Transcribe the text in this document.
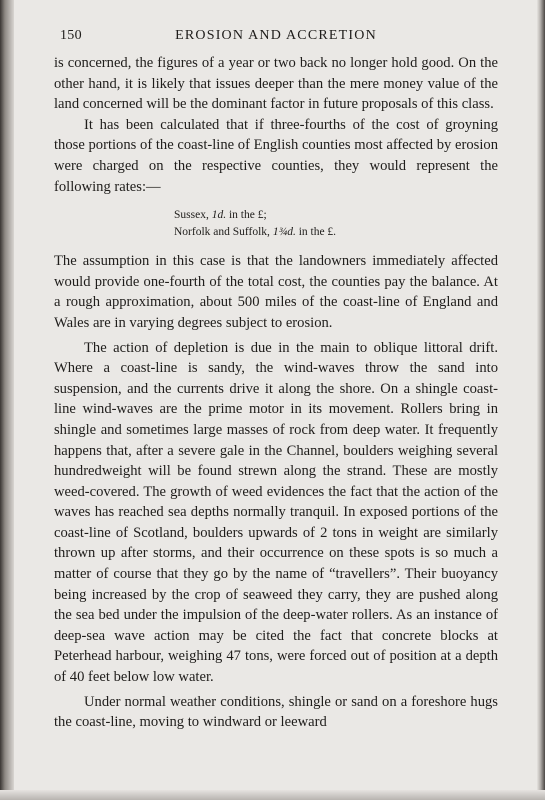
150	EROSION AND ACCRETION

is concerned, the figures of a year or two back no longer hold good. On the other hand, it is likely that issues deeper than the mere money value of the land concerned will be the dominant factor in future proposals of this class.

It has been calculated that if three-fourths of the cost of groyning those portions of the coast-line of English counties most affected by erosion were charged on the respective counties, they would represent the following rates:—

Sussex, 1d. in the £;
Norfolk and Suffolk, 1¾d. in the £.

The assumption in this case is that the landowners immediately affected would provide one-fourth of the total cost, the counties pay the balance. At a rough approximation, about 500 miles of the coast-line of England and Wales are in varying degrees subject to erosion.

The action of depletion is due in the main to oblique littoral drift. Where a coast-line is sandy, the wind-waves throw the sand into suspension, and the currents drive it along the shore. On a shingle coast-line wind-waves are the prime motor in its movement. Rollers bring in shingle and sometimes large masses of rock from deep water. It frequently happens that, after a severe gale in the Channel, boulders weighing several hundredweight will be found strewn along the strand. These are mostly weed-covered. The growth of weed evidences the fact that the action of the waves has reached sea depths normally tranquil. In exposed portions of the coast-line of Scotland, boulders upwards of 2 tons in weight are similarly thrown up after storms, and their occurrence on these spots is so much a matter of course that they go by the name of “travellers”. Their buoyancy being increased by the crop of seaweed they carry, they are pushed along the sea bed under the impulsion of the deep-water rollers. As an instance of deep-sea wave action may be cited the fact that concrete blocks at Peterhead harbour, weighing 47 tons, were forced out of position at a depth of 40 feet below low water.

Under normal weather conditions, shingle or sand on a foreshore hugs the coast-line, moving to windward or leeward
